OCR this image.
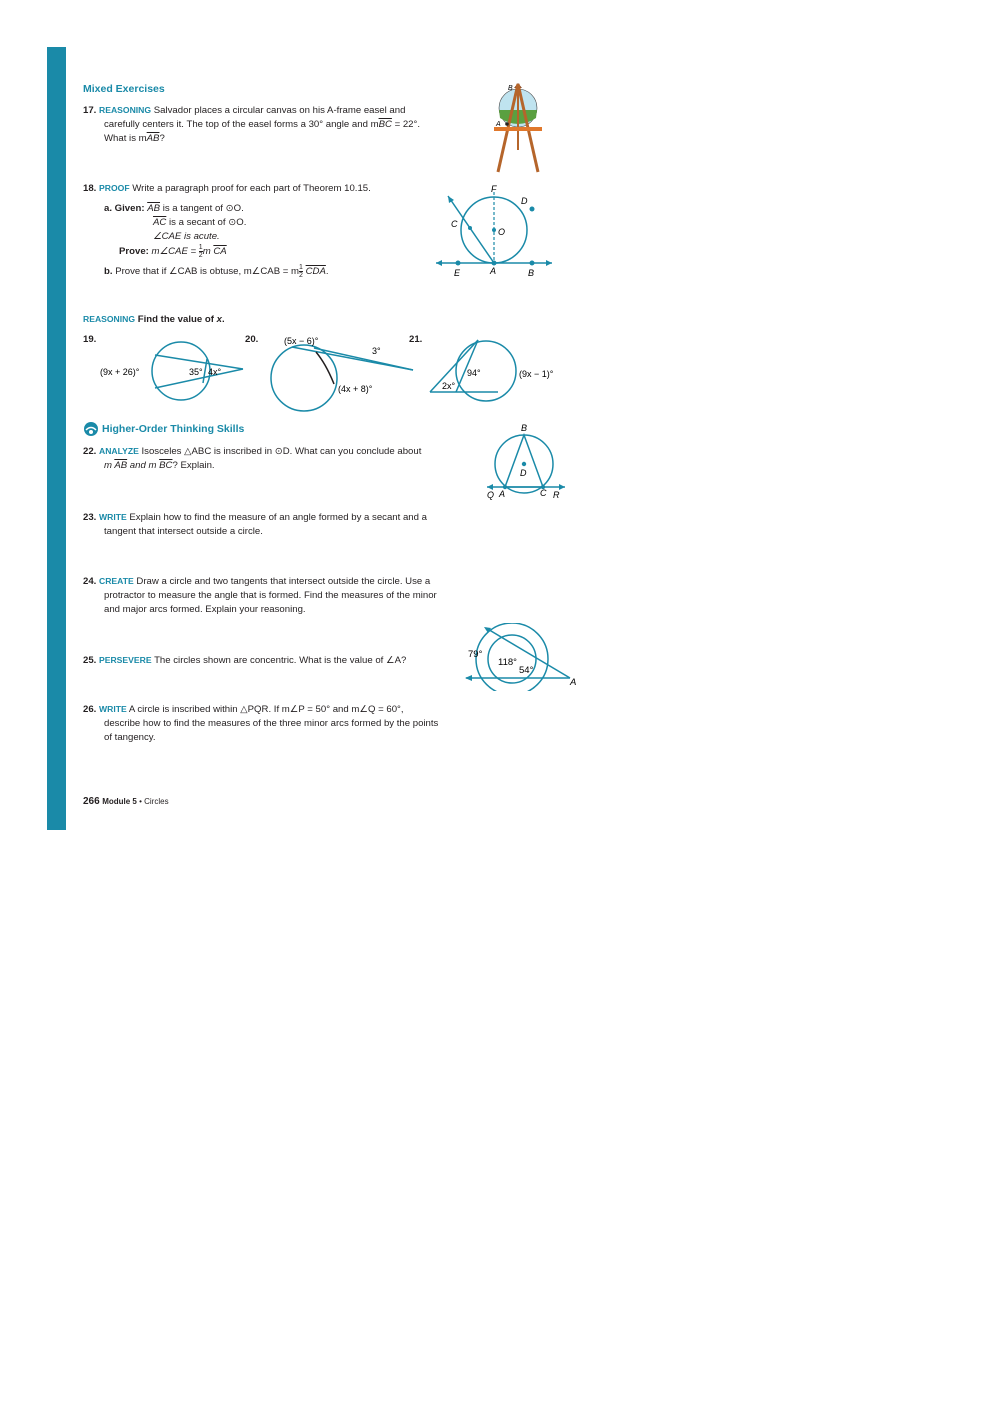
Mixed Exercises
17. REASONING Salvador places a circular canvas on his A-frame easel and
carefully centers it. The top of the easel forms a 30° angle and $m\overline{BC} = 22^\circ$.
What is $m\overline{AB}$?
B
A
18. PROOF Write a paragraph proof for each part of Theorem 10.15.
a. Given: $\overline{AB}$ is a tangent of ⊙O.
$\overline{AC}$ is a secant of ⊙O.
∠CAE is acute.
Prove: m∠CAE = $\frac{1}{2}$ m $\overline{CA}$
b. Prove that if ∠CAB is obtuse, m∠CAB = m $\frac{1}{2} \overline{CDA}$.
F
D
C
O
E	A	B
REASONING Find the value of x.
19.
(9x + 26)°	35° 4x°
20.	(5x − 6)°
3°
(4x + 8)°
21.
94°
2x°
(9x − 1)°
Higher-Order Thinking Skills
22. ANALYZE Isosceles △ABC is inscribed in ⊙D. What can you conclude about
m $\overline{AB}$ and m $\overline{BC}$? Explain.
B
D
Q A	C R
23. WRITE Explain how to find the measure of an angle formed by a secant and a
tangent that intersect outside a circle.
24. CREATE Draw a circle and two tangents that intersect outside the circle. Use a
protractor to measure the angle that is formed. Find the measures of the minor
and major arcs formed. Explain your reasoning.
25. PERSEVERE The circles shown are concentric. What is the value of ∠A?
79°
118°
54°
A
26. WRITE A circle is inscribed within △PQR. If m∠P = 50° and m∠Q = 60°,
describe how to find the measures of the three minor arcs formed by the points
of tangency.
266 Module 5 • Circles
